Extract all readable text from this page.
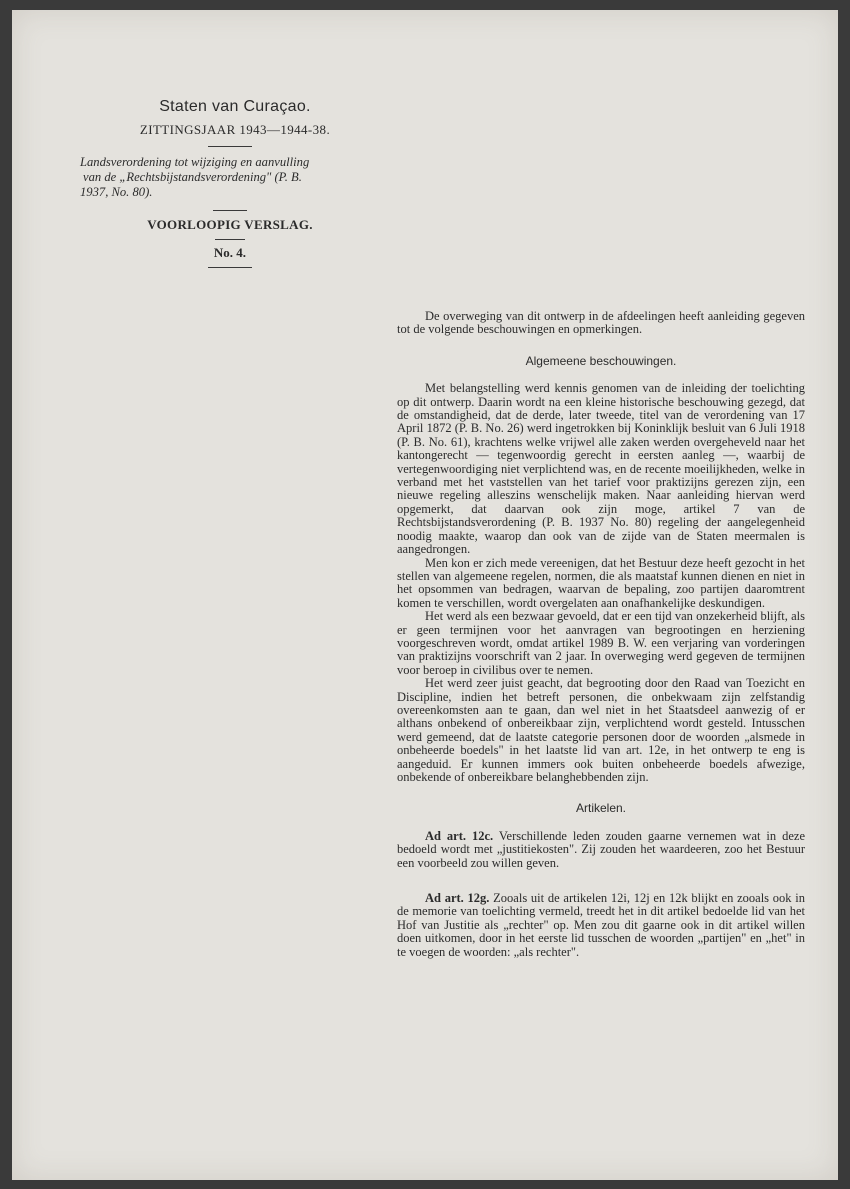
Staten van Curaçao.
ZITTINGSJAAR 1943—1944-38.
Landsverordening tot wijziging en aanvulling
van de „Rechtsbijstandsverordening" (P. B.
1937, No. 80).
VOORLOOPIG VERSLAG.
No. 4.

De overweging van dit ontwerp in de afdeelingen heeft aanleiding gegeven tot de volgende beschouwingen en opmerkingen.

Algemeene beschouwingen.

Met belangstelling werd kennis genomen van de inleiding der toelichting op dit ontwerp. Daarin wordt na een kleine historische beschouwing gezegd, dat de omstandigheid, dat de derde, later tweede, titel van de verordening van 17 April 1872 (P. B. No. 26) werd ingetrokken bij Koninklijk besluit van 6 Juli 1918 (P. B. No. 61), krachtens welke vrijwel alle zaken werden overgeheveld naar het kantongerecht — tegenwoordig gerecht in eersten aanleg —, waarbij de vertegenwoordiging niet verplichtend was, en de recente moeilijkheden, welke in verband met het vaststellen van het tarief voor praktizijns gerezen zijn, een nieuwe regeling alleszins wenschelijk maken. Naar aanleiding hiervan werd opgemerkt, dat daarvan ook zijn moge, artikel 7 van de Rechtsbijstandsverordening (P. B. 1937 No. 80) regeling der aangelegenheid noodig maakte, waarop dan ook van de zijde van de Staten meermalen is aangedrongen.

Men kon er zich mede vereenigen, dat het Bestuur deze heeft gezocht in het stellen van algemeene regelen, normen, die als maatstaf kunnen dienen en niet in het opsommen van bedragen, waarvan de bepaling, zoo partijen daaromtrent komen te verschillen, wordt overgelaten aan onafhankelijke deskundigen.

Het werd als een bezwaar gevoeld, dat er een tijd van onzekerheid blijft, als er geen termijnen voor het aanvragen van begrootingen en herziening voorgeschreven wordt, omdat artikel 1989 B. W. een verjaring van vorderingen van praktizijns voorschrift van 2 jaar. In overweging werd gegeven de termijnen voor beroep in civilibus over te nemen.

Het werd zeer juist geacht, dat begrooting door den Raad van Toezicht en Discipline, indien het betreft personen, die onbekwaam zijn zelfstandig overeenkomsten aan te gaan, dan wel niet in het Staatsdeel aanwezig of er althans onbekend of onbereikbaar zijn, verplichtend wordt gesteld. Intusschen werd gemeend, dat de laatste categorie personen door de woorden „alsmede in onbeheerde boedels" in het laatste lid van art. 12e, in het ontwerp te eng is aangeduid. Er kunnen immers ook buiten onbeheerde boedels afwezige, onbekende of onbereikbare belanghebbenden zijn.

Artikelen.

Ad art. 12c. Verschillende leden zouden gaarne vernemen wat in deze bedoeld wordt met „justitiekosten". Zij zouden het waardeeren, zoo het Bestuur een voorbeeld zou willen geven.

Ad art. 12g. Zooals uit de artikelen 12i, 12j en 12k blijkt en zooals ook in de memorie van toelichting vermeld, treedt het in dit artikel bedoelde lid van het Hof van Justitie als „rechter" op. Men zou dit gaarne ook in dit artikel willen doen uitkomen, door in het eerste lid tusschen de woorden „partijen" en „het" in te voegen de woorden: „als rechter".
